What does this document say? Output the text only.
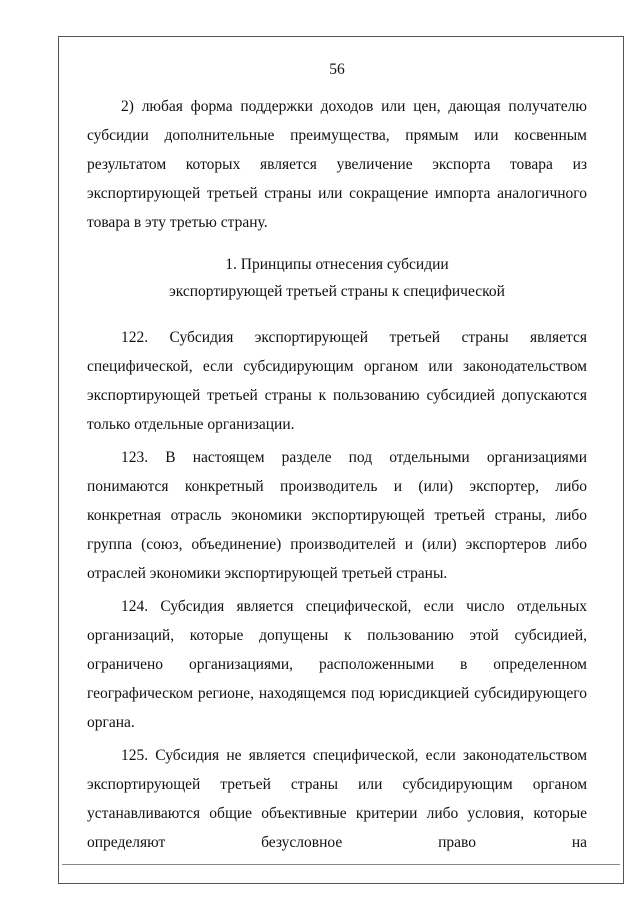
56

2) любая форма поддержки доходов или цен, дающая получателю субсидии дополнительные преимущества, прямым или косвенным результатом которых является увеличение экспорта товара из экспортирующей третьей страны или сокращение импорта аналогичного товара в эту третью страну.

1. Принципы отнесения субсидии
экспортирующей третьей страны к специфической

122. Субсидия экспортирующей третьей страны является специфической, если субсидирующим органом или законодательством экспортирующей третьей страны к пользованию субсидией допускаются только отдельные организации.

123. В настоящем разделе под отдельными организациями понимаются конкретный производитель и (или) экспортер, либо конкретная отрасль экономики экспортирующей третьей страны, либо группа (союз, объединение) производителей и (или) экспортеров либо отраслей экономики экспортирующей третьей страны.

124. Субсидия является специфической, если число отдельных организаций, которые допущены к пользованию этой субсидией, ограничено организациями, расположенными в определенном географическом регионе, находящемся под юрисдикцией субсидирующего органа.

125. Субсидия не является специфической, если законодательством экспортирующей третьей страны или субсидирующим органом устанавливаются общие объективные критерии либо условия, которые определяют безусловное право на
